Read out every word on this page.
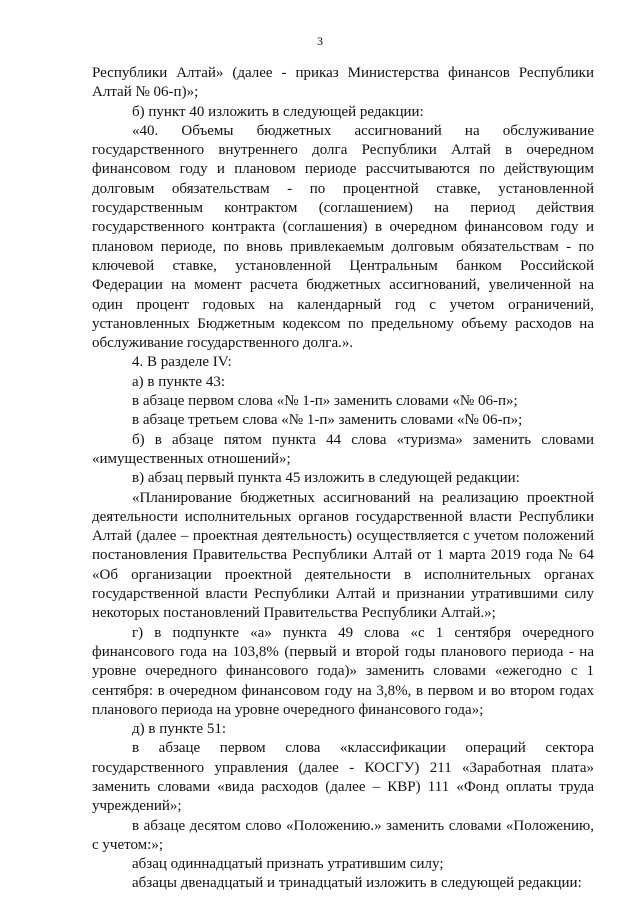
3

Республики Алтай» (далее - приказ Министерства финансов Республики Алтай № 06-п)»;

б) пункт 40 изложить в следующей редакции:

«40. Объемы бюджетных ассигнований на обслуживание государственного внутреннего долга Республики Алтай в очередном финансовом году и плановом периоде рассчитываются по действующим долговым обязательствам - по процентной ставке, установленной государственным контрактом (соглашением) на период действия государственного контракта (соглашения) в очередном финансовом году и плановом периоде, по вновь привлекаемым долговым обязательствам - по ключевой ставке, установленной Центральным банком Российской Федерации на момент расчета бюджетных ассигнований, увеличенной на один процент годовых на календарный год с учетом ограничений, установленных Бюджетным кодексом по предельному объему расходов на обслуживание государственного долга.».

4. В разделе IV:

а) в пункте 43:

в абзаце первом слова «№ 1-п» заменить словами «№ 06-п»;

в абзаце третьем слова «№ 1-п» заменить словами «№ 06-п»;

б) в абзаце пятом пункта 44 слова «туризма» заменить словами «имущественных отношений»;

в) абзац первый пункта 45 изложить в следующей редакции:

«Планирование бюджетных ассигнований на реализацию проектной деятельности исполнительных органов государственной власти Республики Алтай (далее – проектная деятельность) осуществляется с учетом положений постановления Правительства Республики Алтай от 1 марта 2019 года № 64 «Об организации проектной деятельности в исполнительных органах государственной власти Республики Алтай и признании утратившими силу некоторых постановлений Правительства Республики Алтай.»;

г) в подпункте «а» пункта 49 слова «с 1 сентября очередного финансового года на 103,8% (первый и второй годы планового периода - на уровне очередного финансового года)» заменить словами «ежегодно с 1 сентября: в очередном финансовом году на 3,8%, в первом и во втором годах планового периода на уровне очередного финансового года»;

д) в пункте 51:

в абзаце первом слова «классификации операций сектора государственного управления (далее - КОСГУ) 211 «Заработная плата» заменить словами «вида расходов (далее – КВР) 111 «Фонд оплаты труда учреждений»;

в абзаце десятом слово «Положению.» заменить словами «Положению, с учетом:»;

абзац одиннадцатый признать утратившим силу;

абзацы двенадцатый и тринадцатый изложить в следующей редакции:
